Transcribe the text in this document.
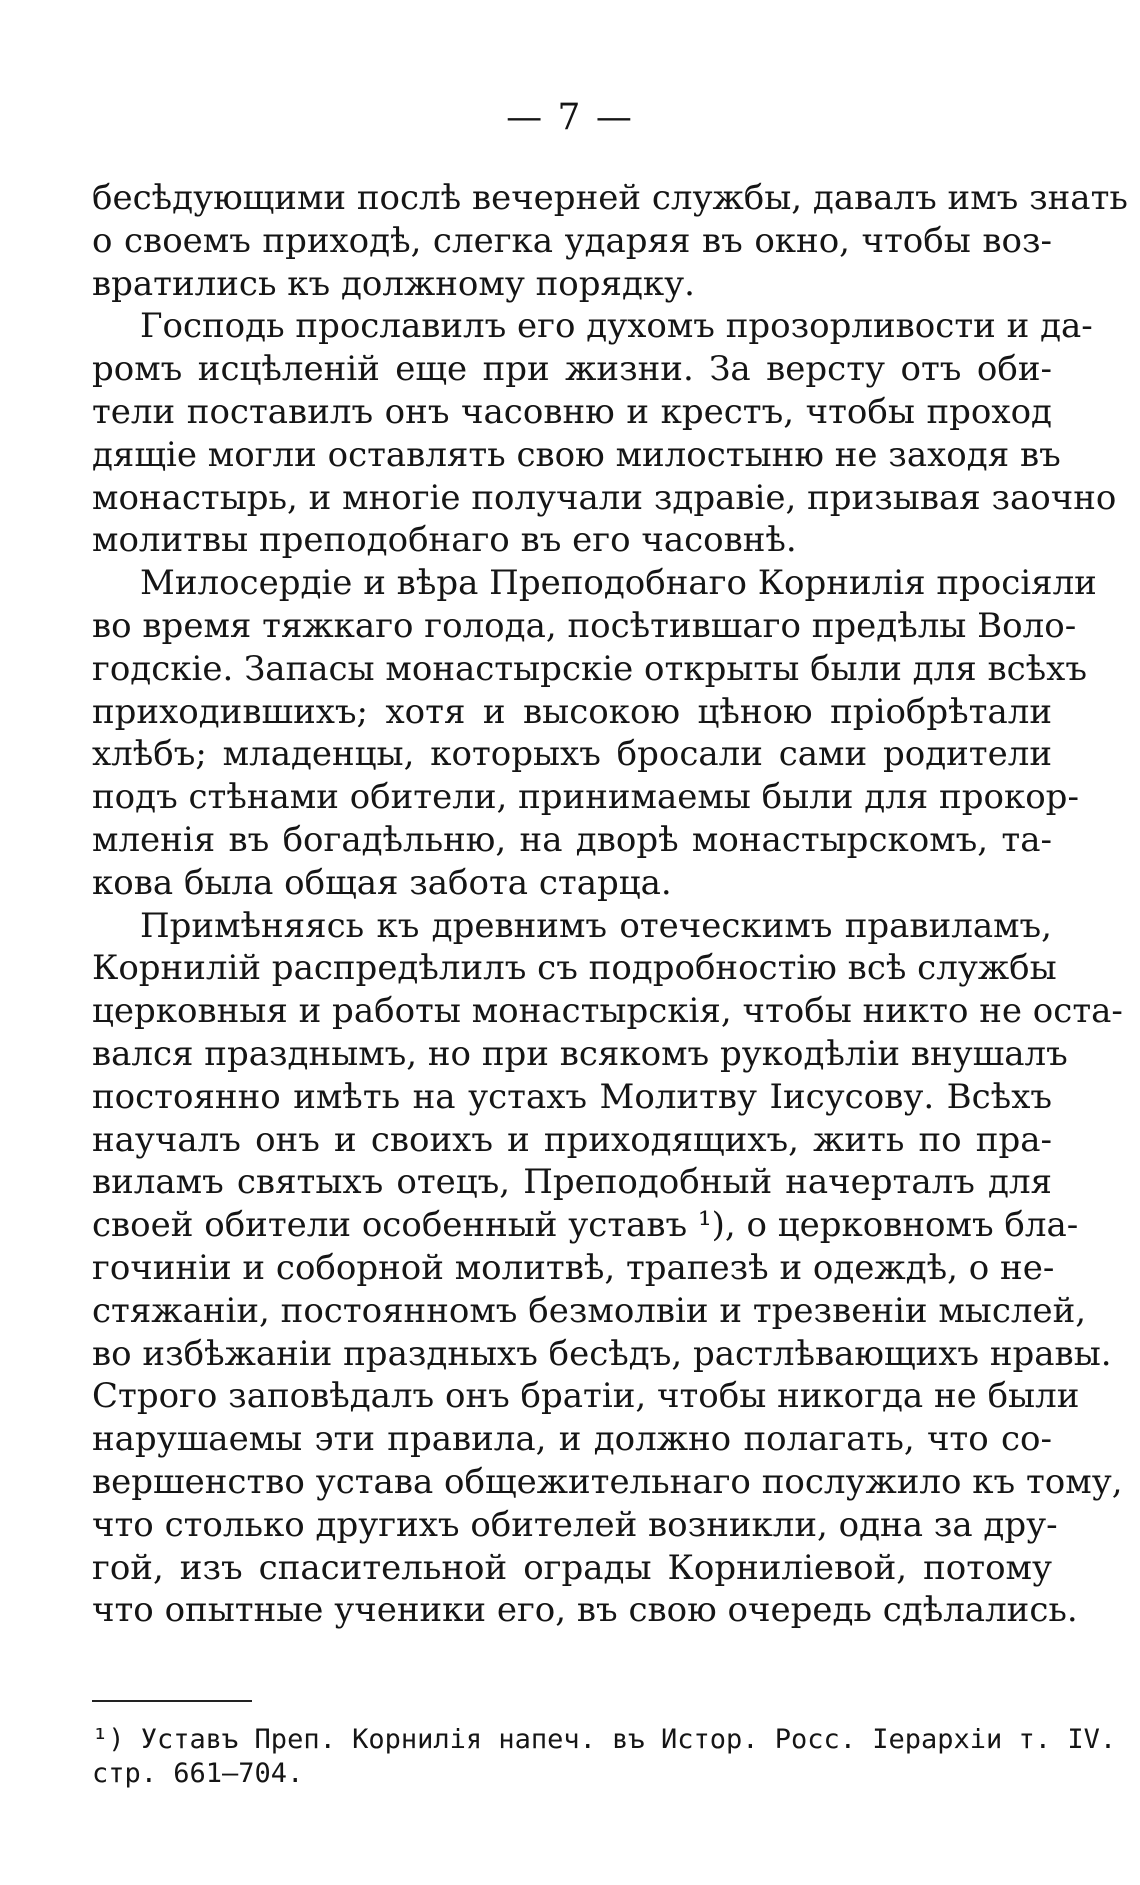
— 7 —
бесѣдующими послѣ вечерней службы, давалъ имъ знать
о своемъ приходѣ, слегка ударяя въ окно, чтобы воз-
вратились къ должному порядку.
Господь прославилъ его духомъ прозорливости и да-
ромъ исцѣленій еще при жизни. За версту отъ оби-
тели поставилъ онъ часовню и крестъ, чтобы проход
дящіе могли оставлять свою милостыню не заходя въ
монастырь, и многіе получали здравіе, призывая заочно
молитвы преподобнаго въ его часовнѣ.
Милосердіе и вѣра Преподобнаго Корнилія просіяли
во время тяжкаго голода, посѣтившаго предѣлы Воло-
годскіе. Запасы монастырскіе открыты были для всѣхъ
приходившихъ; хотя и высокою цѣною пріобрѣтали
хлѣбъ; младенцы, которыхъ бросали сами родители
подъ стѣнами обители, принимаемы были для прокор-
мленія въ богадѣльню, на дворѣ монастырскомъ, та-
кова была общая забота старца.
Примѣняясь къ древнимъ отеческимъ правиламъ,
Корнилій распредѣлилъ съ подробностію всѣ службы
церковныя и работы монастырскія, чтобы никто не оста-
вался празднымъ, но при всякомъ рукодѣліи внушалъ
постоянно имѣть на устахъ Молитву Іисусову. Всѣхъ
научалъ онъ и своихъ и приходящихъ, жить по пра-
виламъ святыхъ отецъ, Преподобный начерталъ для
своей обители особенный уставъ ¹), о церковномъ бла-
гочиніи и соборной молитвѣ, трапезѣ и одеждѣ, о не-
стяжаніи, постоянномъ безмолвіи и трезвеніи мыслей,
во избѣжаніи праздныхъ бесѣдъ, растлѣвающихъ нравы.
Строго заповѣдалъ онъ братіи, чтобы никогда не были
нарушаемы эти правила, и должно полагать, что со-
вершенство устава общежительнаго послужило къ тому,
что столько другихъ обителей возникли, одна за дру-
гой, изъ спасительной ограды Корниліевой, потому
что опытные ученики его, въ свою очередь сдѣлались.
¹) Уставъ Преп. Корнилія напеч. въ Истор. Росс. Іерархіи т. IV.
стр. 661—704.
